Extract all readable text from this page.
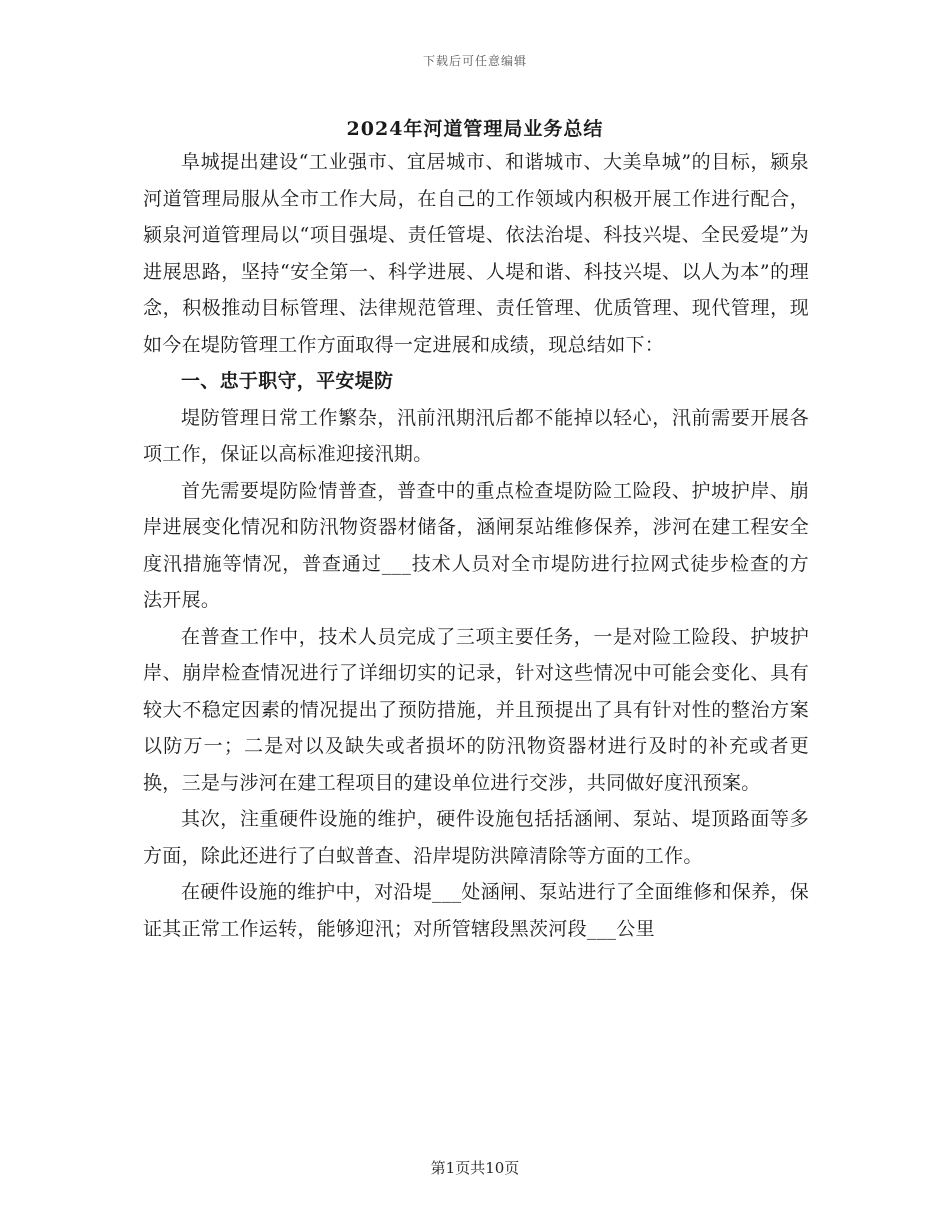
下载后可任意编辑
2024年河道管理局业务总结

阜城提出建设“工业强市、宜居城市、和谐城市、大美阜城”的目标，颍泉河道管理局服从全市工作大局，在自己的工作领域内积极开展工作进行配合，颍泉河道管理局以“项目强堤、责任管堤、依法治堤、科技兴堤、全民爱堤”为进展思路，坚持“安全第一、科学进展、人堤和谐、科技兴堤、以人为本”的理念，积极推动目标管理、法律规范管理、责任管理、优质管理、现代管理，现如今在堤防管理工作方面取得一定进展和成绩，现总结如下：

一、忠于职守，平安堤防

堤防管理日常工作繁杂，汛前汛期汛后都不能掉以轻心，汛前需要开展各项工作，保证以高标准迎接汛期。

首先需要堤防险情普查，普查中的重点检查堤防险工险段、护坡护岸、崩岸进展变化情况和防汛物资器材储备，涵闸泵站维修保养，涉河在建工程安全度汛措施等情况，普查通过___技术人员对全市堤防进行拉网式徒步检查的方法开展。

在普查工作中，技术人员完成了三项主要任务，一是对险工险段、护坡护岸、崩岸检查情况进行了详细切实的记录，针对这些情况中可能会变化、具有较大不稳定因素的情况提出了预防措施，并且预提出了具有针对性的整治方案以防万一；二是对以及缺失或者损坏的防汛物资器材进行及时的补充或者更换，三是与涉河在建工程项目的建设单位进行交涉，共同做好度汛预案。

其次，注重硬件设施的维护，硬件设施包括括涵闸、泵站、堤顶路面等多方面，除此还进行了白蚁普查、沿岸堤防洪障清除等方面的工作。

在硬件设施的维护中，对沿堤___处涵闸、泵站进行了全面维修和保养，保证其正常工作运转，能够迎汛；对所管辖段黑茨河段___公里

第1页共10页
